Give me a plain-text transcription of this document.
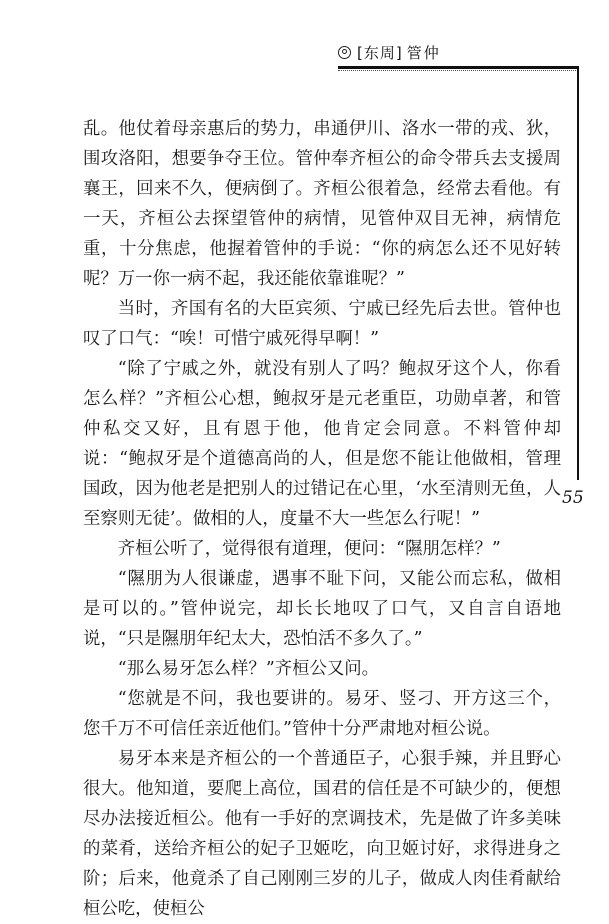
[东周] 管仲
55

乱。他仗着母亲惠后的势力，串通伊川、洛水一带的戎、狄，围攻洛阳，想要争夺王位。管仲奉齐桓公的命令带兵去支援周襄王，回来不久，便病倒了。齐桓公很着急，经常去看他。有一天，齐桓公去探望管仲的病情，见管仲双目无神，病情危重，十分焦虑，他握着管仲的手说：“你的病怎么还不见好转呢？万一你一病不起，我还能依靠谁呢？”

当时，齐国有名的大臣宾须、宁戚已经先后去世。管仲也叹了口气：“唉！可惜宁戚死得早啊！”

“除了宁戚之外，就没有别人了吗？鲍叔牙这个人，你看怎么样？”齐桓公心想，鲍叔牙是元老重臣，功勋卓著，和管仲私交又好，且有恩于他，他肯定会同意。不料管仲却说：“鲍叔牙是个道德高尚的人，但是您不能让他做相，管理国政，因为他老是把别人的过错记在心里，‘水至清则无鱼，人至察则无徒’。做相的人，度量不大一些怎么行呢！”

齐桓公听了，觉得很有道理，便问：“隰朋怎样？”

“隰朋为人很谦虚，遇事不耻下问，又能公而忘私，做相是可以的。”管仲说完，却长长地叹了口气，又自言自语地说，“只是隰朋年纪太大，恐怕活不多久了。”

“那么易牙怎么样？”齐桓公又问。

“您就是不问，我也要讲的。易牙、竖刁、开方这三个，您千万不可信任亲近他们。”管仲十分严肃地对桓公说。

易牙本来是齐桓公的一个普通臣子，心狠手辣，并且野心很大。他知道，要爬上高位，国君的信任是不可缺少的，便想尽办法接近桓公。他有一手好的烹调技术，先是做了许多美味的菜肴，送给齐桓公的妃子卫姬吃，向卫姬讨好，求得进身之阶；后来，他竟杀了自己刚刚三岁的儿子，做成人肉佳肴献给桓公吃，使桓公
